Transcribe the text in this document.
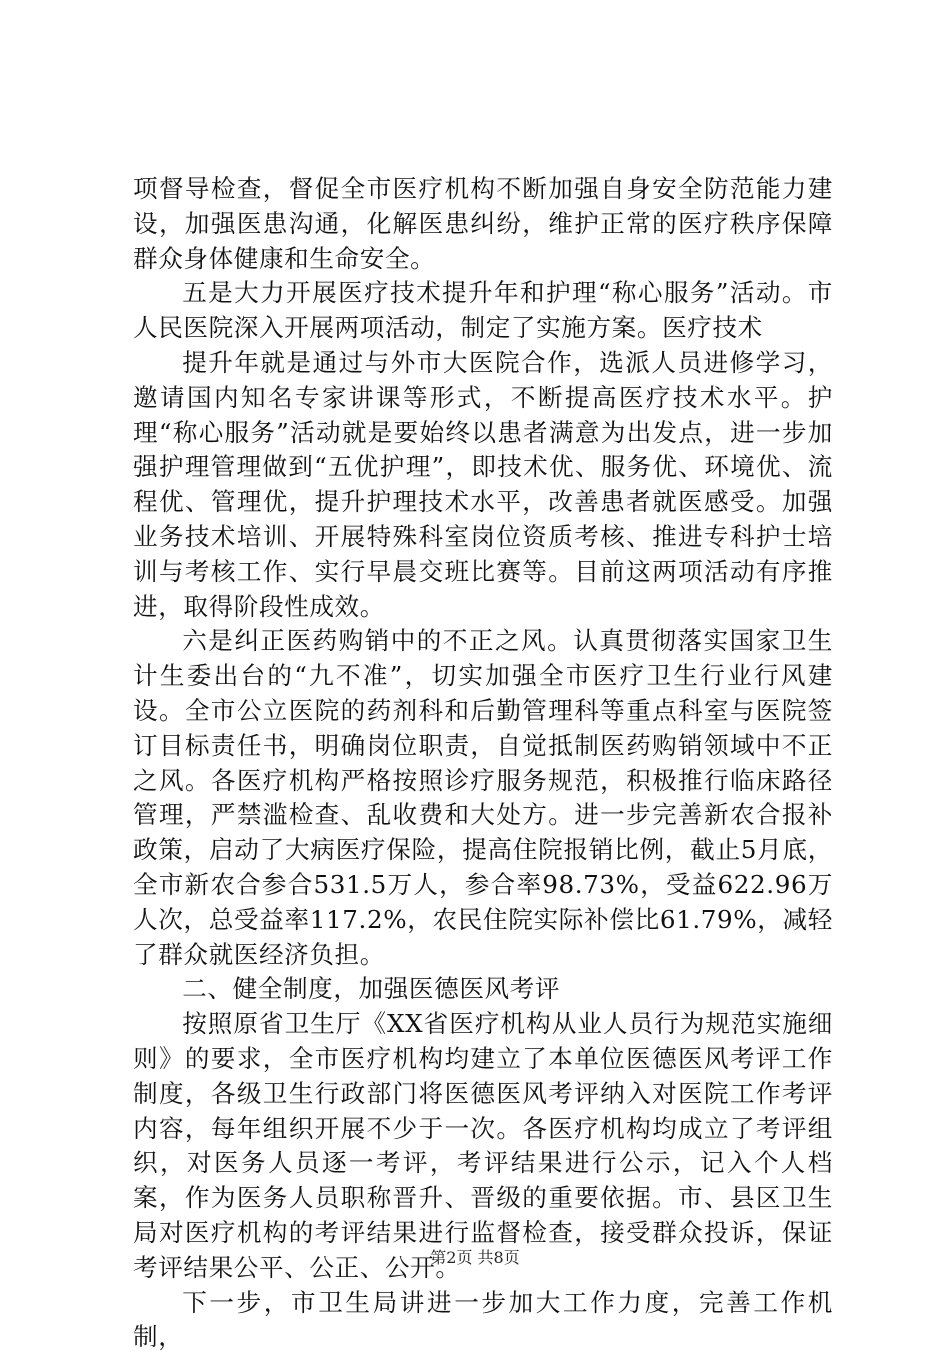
项督导检查，督促全市医疗机构不断加强自身安全防范能力建设，加强医患沟通，化解医患纠纷，维护正常的医疗秩序保障群众身体健康和生命安全。

五是大力开展医疗技术提升年和护理“称心服务”活动。市人民医院深入开展两项活动，制定了实施方案。医疗技术

提升年就是通过与外市大医院合作，选派人员进修学习，邀请国内知名专家讲课等形式，不断提高医疗技术水平。护理“称心服务”活动就是要始终以患者满意为出发点，进一步加强护理管理做到“五优护理”，即技术优、服务优、环境优、流程优、管理优，提升护理技术水平，改善患者就医感受。加强业务技术培训、开展特殊科室岗位资质考核、推进专科护士培训与考核工作、实行早晨交班比赛等。目前这两项活动有序推进，取得阶段性成效。

六是纠正医药购销中的不正之风。认真贯彻落实国家卫生计生委出台的“九不准”，切实加强全市医疗卫生行业行风建设。全市公立医院的药剂科和后勤管理科等重点科室与医院签订目标责任书，明确岗位职责，自觉抵制医药购销领域中不正之风。各医疗机构严格按照诊疗服务规范，积极推行临床路径管理，严禁滥检查、乱收费和大处方。进一步完善新农合报补政策，启动了大病医疗保险，提高住院报销比例，截止5月底，全市新农合参合531.5万人，参合率98.73%，受益622.96万人次，总受益率117.2%，农民住院实际补偿比61.79%，减轻了群众就医经济负担。

二、健全制度，加强医德医风考评

按照原省卫生厅《XX省医疗机构从业人员行为规范实施细则》的要求，全市医疗机构均建立了本单位医德医风考评工作制度，各级卫生行政部门将医德医风考评纳入对医院工作考评内容，每年组织开展不少于一次。各医疗机构均成立了考评组织，对医务人员逐一考评，考评结果进行公示，记入个人档案，作为医务人员职称晋升、晋级的重要依据。市、县区卫生局对医疗机构的考评结果进行监督检查，接受群众投诉，保证考评结果公平、公正、公开。

下一步，市卫生局讲进一步加大工作力度，完善工作机制，

第2页 共8页
